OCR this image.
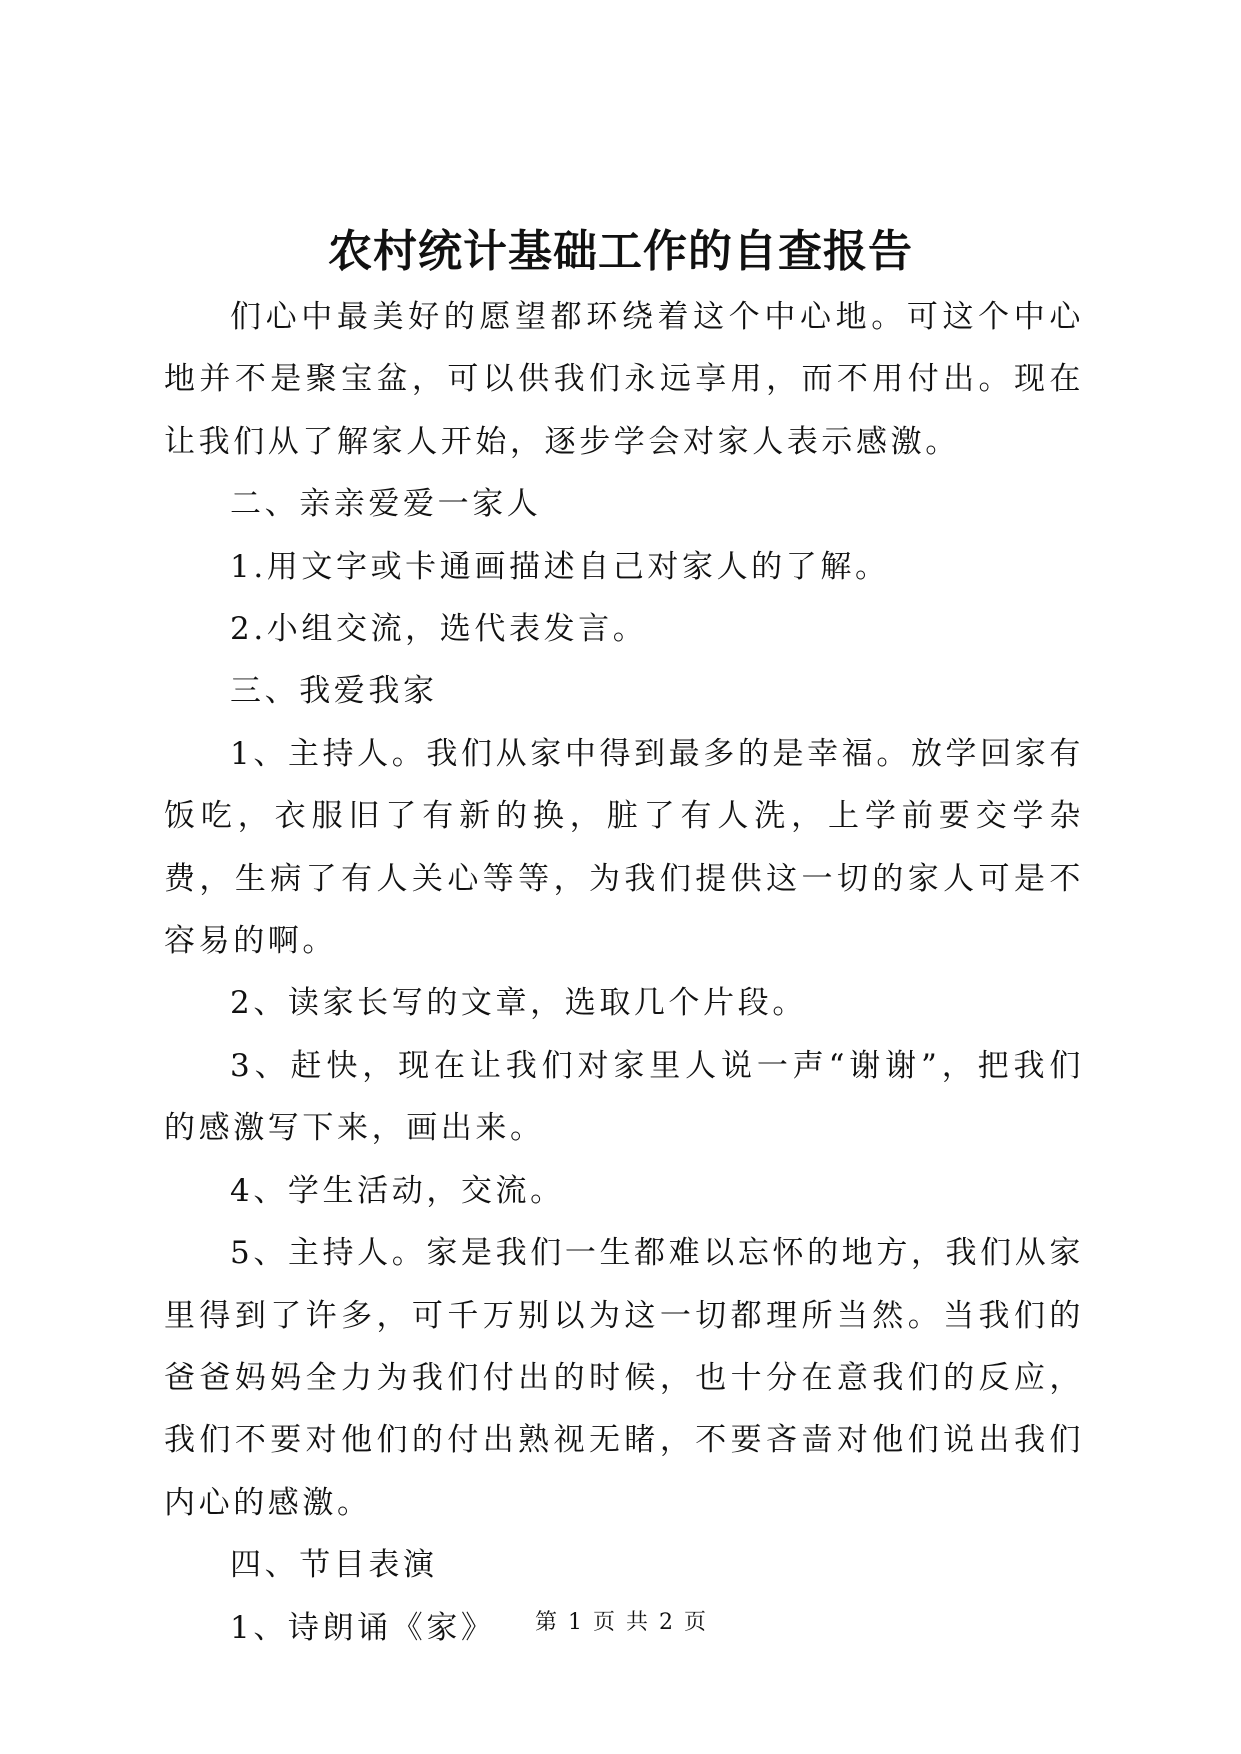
农村统计基础工作的自查报告

们心中最美好的愿望都环绕着这个中心地。可这个中心地并不是聚宝盆，可以供我们永远享用，而不用付出。现在让我们从了解家人开始，逐步学会对家人表示感激。

二、亲亲爱爱一家人

1.用文字或卡通画描述自己对家人的了解。

2.小组交流，选代表发言。

三、我爱我家

1、主持人。我们从家中得到最多的是幸福。放学回家有饭吃，衣服旧了有新的换，脏了有人洗，上学前要交学杂费，生病了有人关心等等，为我们提供这一切的家人可是不容易的啊。

2、读家长写的文章，选取几个片段。

3、赶快，现在让我们对家里人说一声“谢谢”，把我们的感激写下来，画出来。

4、学生活动，交流。

5、主持人。家是我们一生都难以忘怀的地方，我们从家里得到了许多，可千万别以为这一切都理所当然。当我们的爸爸妈妈全力为我们付出的时候，也十分在意我们的反应，我们不要对他们的付出熟视无睹，不要吝啬对他们说出我们内心的感激。

四、节目表演

1、诗朗诵《家》	第 1 页 共 2 页
